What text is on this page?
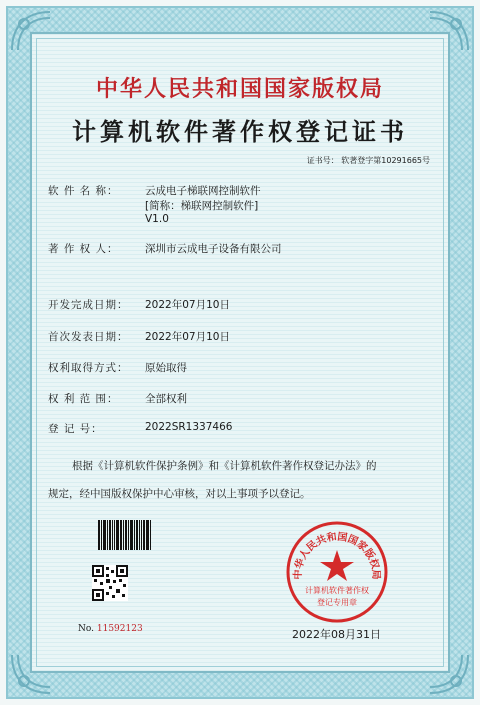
中华人民共和国国家版权局
计算机软件著作权登记证书
证书号： 软著登字第10291665号
软 件 名 称：	云成电子梯联网控制软件
[简称：梯联网控制软件]
V1.0
著 作 权 人：	深圳市云成电子设备有限公司
开发完成日期： 2022年07月10日
首次发表日期： 2022年07月10日
权利取得方式： 原始取得
权 利 范 围：	全部权利
登 记 号：	2022SR1337466
根据《计算机软件保护条例》和《计算机软件著作权登记办法》的
规定，经中国版权保护中心审核，对以上事项予以登记。
No. 11592123
中华人民共和国国家版权局
计算机软件著作权
登记专用章
2022年08月31日
